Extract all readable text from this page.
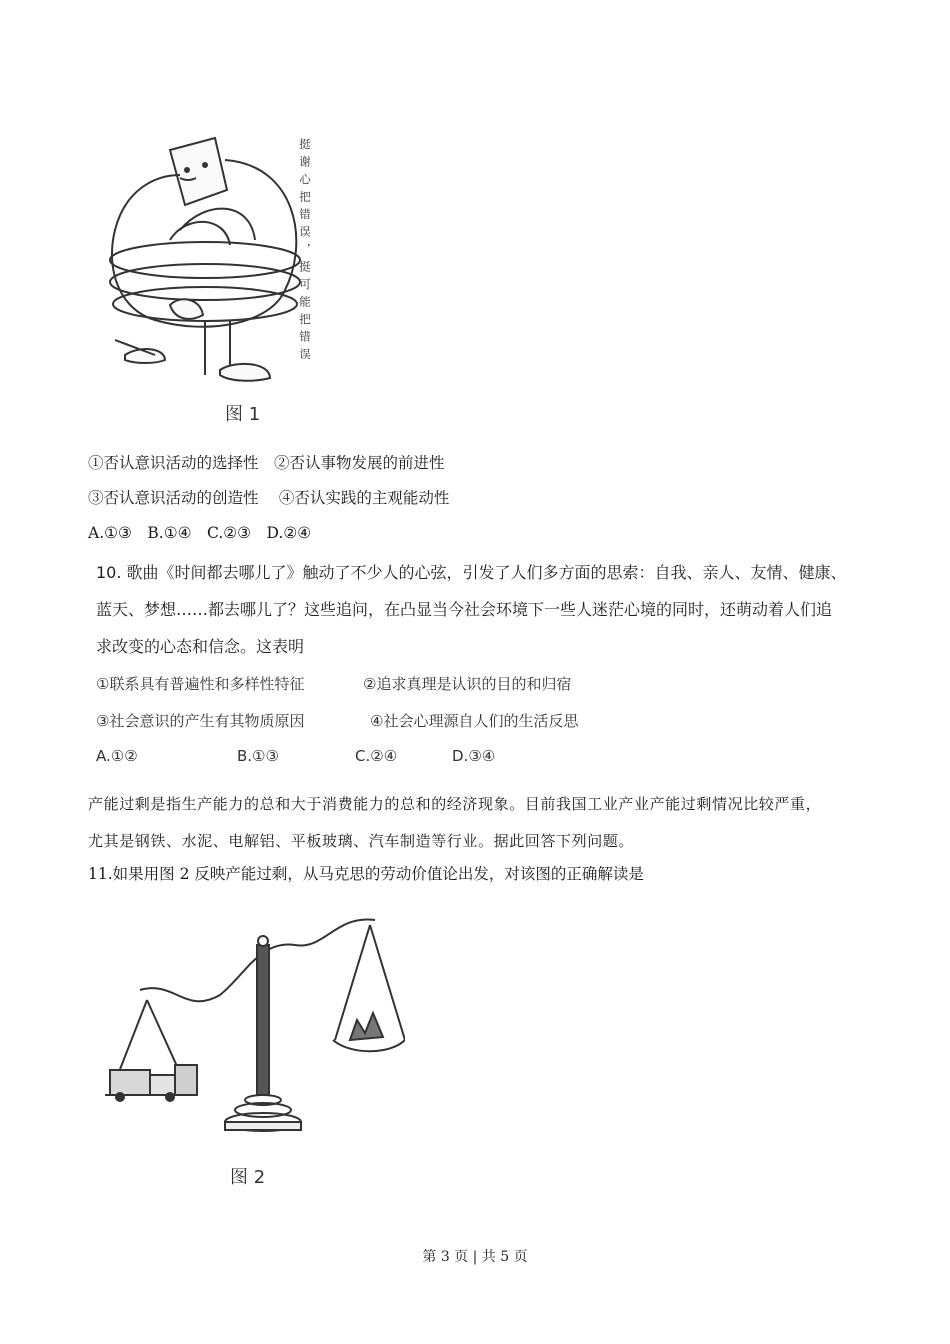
挺谢心把错误，挺可能把错误
图 1
①否认意识活动的选择性　②否认事物发展的前进性
③否认意识活动的创造性　 ④否认实践的主观能动性
A.①③　B.①④　C.②③　D.②④
10. 歌曲《时间都去哪儿了》触动了不少人的心弦，引发了人们多方面的思索：自我、亲人、友情、健康、
蓝天、梦想……都去哪儿了？这些追问，在凸显当今社会环境下一些人迷茫心境的同时，还萌动着人们追
求改变的心态和信念。这表明
①联系具有普遍性和多样性特征	②追求真理是认识的目的和归宿
③社会意识的产生有其物质原因	④社会心理源自人们的生活反思
A.①②	B.①③	C.②④	D.③④
产能过剩是指生产能力的总和大于消费能力的总和的经济现象。目前我国工业产业产能过剩情况比较严重，
尤其是钢铁、水泥、电解铝、平板玻璃、汽车制造等行业。据此回答下列问题。
11.如果用图 2 反映产能过剩，从马克思的劳动价值论出发，对该图的正确解读是
图 2
第 3 页 | 共 5 页
